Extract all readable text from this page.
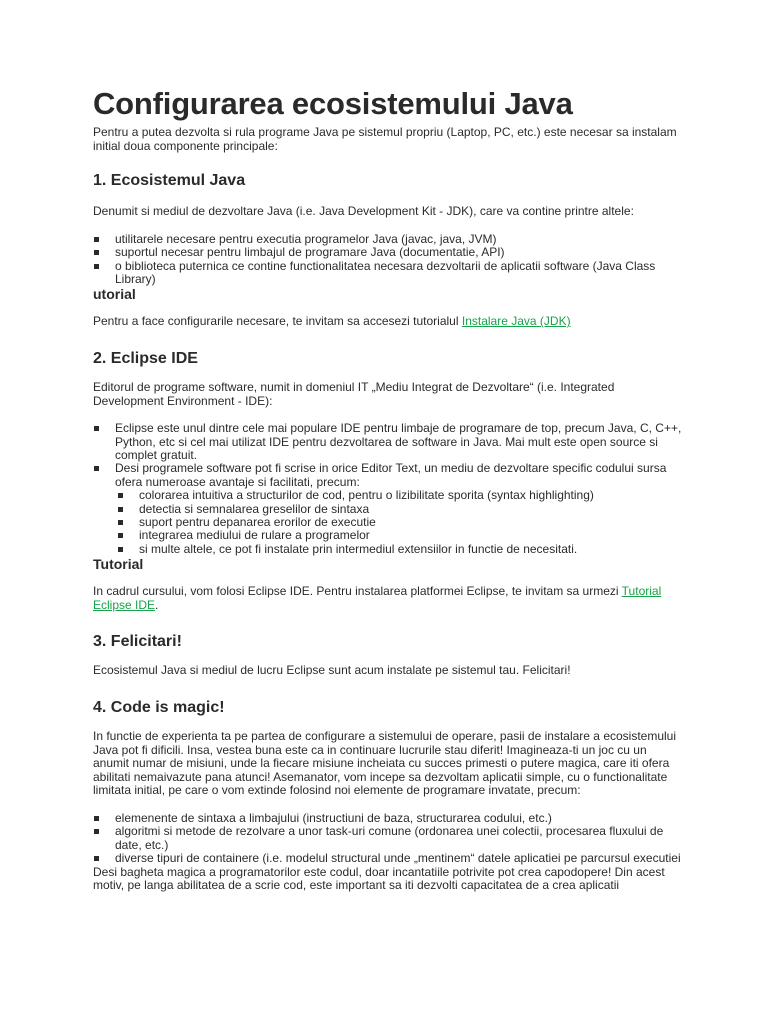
Configurarea ecosistemului Java

Pentru a putea dezvolta si rula programe Java pe sistemul propriu (Laptop, PC, etc.) este necesar sa instalam initial doua componente principale:

1. Ecosistemul Java

Denumit si mediul de dezvoltare Java (i.e. Java Development Kit - JDK), care va contine printre altele:

utilitarele necesare pentru executia programelor Java (javac, java, JVM)
suportul necesar pentru limbajul de programare Java (documentatie, API)
o biblioteca puternica ce contine functionalitatea necesara dezvoltarii de aplicatii software (Java Class Library)
utorial

Pentru a face configurarile necesare, te invitam sa accesezi tutorialul Instalare Java (JDK)

2. Eclipse IDE

Editorul de programe software, numit in domeniul IT „Mediu Integrat de Dezvoltare“ (i.e. Integrated Development Environment - IDE):

Eclipse este unul dintre cele mai populare IDE pentru limbaje de programare de top, precum Java, C, C++, Python, etc si cel mai utilizat IDE pentru dezvoltarea de software in Java. Mai mult este open source si complet gratuit.
Desi programele software pot fi scrise in orice Editor Text, un mediu de dezvoltare specific codului sursa ofera numeroase avantaje si facilitati, precum:
colorarea intuitiva a structurilor de cod, pentru o lizibilitate sporita (syntax highlighting)
detectia si semnalarea greselilor de sintaxa
suport pentru depanarea erorilor de executie
integrarea mediului de rulare a programelor
si multe altele, ce pot fi instalate prin intermediul extensiilor in functie de necesitati.
Tutorial

In cadrul cursului, vom folosi Eclipse IDE. Pentru instalarea platformei Eclipse, te invitam sa urmezi Tutorial Eclipse IDE.

3. Felicitari!

Ecosistemul Java si mediul de lucru Eclipse sunt acum instalate pe sistemul tau. Felicitari!

4. Code is magic!

In functie de experienta ta pe partea de configurare a sistemului de operare, pasii de instalare a ecosistemului Java pot fi dificili. Insa, vestea buna este ca in continuare lucrurile stau diferit! Imagineaza-ti un joc cu un anumit numar de misiuni, unde la fiecare misiune incheiata cu succes primesti o putere magica, care iti ofera abilitati nemaivazute pana atunci! Asemanator, vom incepe sa dezvoltam aplicatii simple, cu o functionalitate limitata initial, pe care o vom extinde folosind noi elemente de programare invatate, precum:

elemenente de sintaxa a limbajului (instructiuni de baza, structurarea codului, etc.)
algoritmi si metode de rezolvare a unor task-uri comune (ordonarea unei colectii, procesarea fluxului de date, etc.)
diverse tipuri de containere (i.e. modelul structural unde „mentinem“ datele aplicatiei pe parcursul executiei

Desi bagheta magica a programatorilor este codul, doar incantatiile potrivite pot crea capodopere! Din acest motiv, pe langa abilitatea de a scrie cod, este important sa iti dezvolti capacitatea de a crea aplicatii
